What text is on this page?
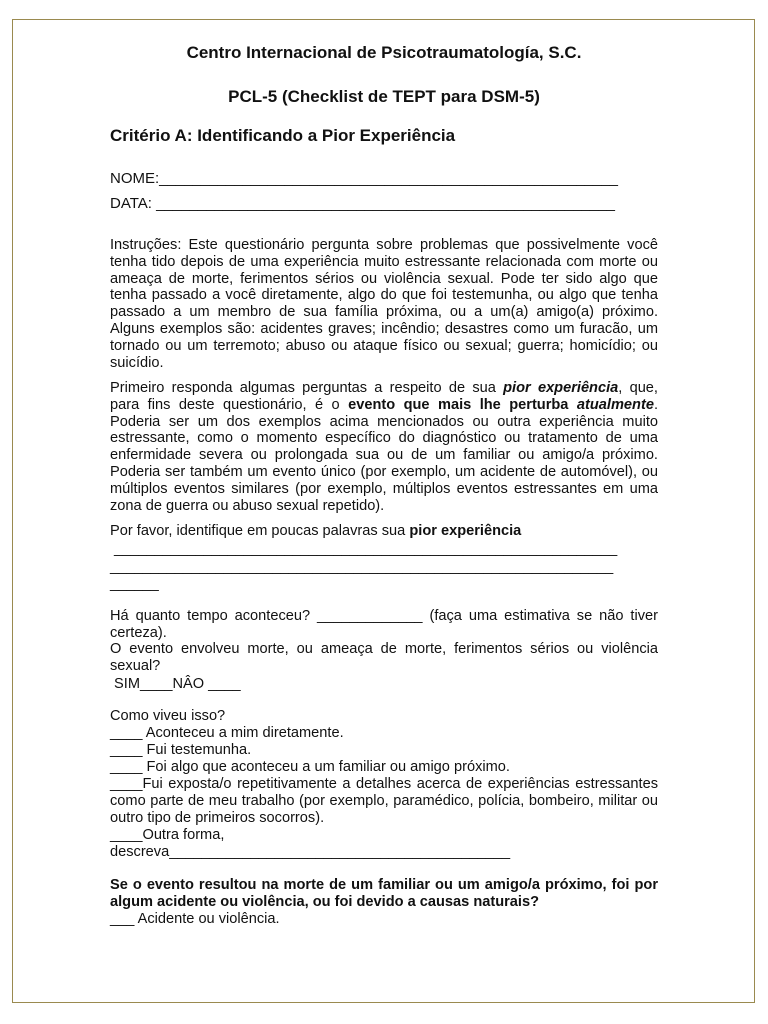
Centro Internacional de Psicotraumatología, S.C.
PCL-5 (Checklist de TEPT para DSM-5)
Critério A: Identificando a Pior Experiência
NOME:_______________________________________________________
DATA: _______________________________________________________
Instruções: Este questionário pergunta sobre problemas que possivelmente você tenha tido depois de uma experiência muito estressante relacionada com morte ou ameaça de morte, ferimentos sérios ou violência sexual. Pode ter sido algo que tenha passado a você diretamente, algo do que foi testemunha, ou algo que tenha passado a um membro de sua família próxima, ou a um(a) amigo(a) próximo. Alguns exemplos são: acidentes graves; incêndio; desastres como um furacão, um tornado ou um terremoto; abuso ou ataque físico ou sexual; guerra; homicídio; ou suicídio.
Primeiro responda algumas perguntas a respeito de sua pior experiência, que, para fins deste questionário, é o evento que mais lhe perturba atualmente. Poderia ser um dos exemplos acima mencionados ou outra experiência muito estressante, como o momento específico do diagnóstico ou tratamento de uma enfermidade severa ou prolongada sua ou de um familiar ou amigo/a próximo. Poderia ser também um evento único (por exemplo, um acidente de automóvel), ou múltiplos eventos similares (por exemplo, múltiplos eventos estressantes em uma zona de guerra ou abuso sexual repetido).
Por favor, identifique em poucas palavras sua pior experiência
______________________________________________________________
______________________________________________________________
______
Há quanto tempo aconteceu? _____________ (faça uma estimativa se não tiver certeza).
O evento envolveu morte, ou ameaça de morte, ferimentos sérios ou violência sexual?
SIM____NÂO ____
Como viveu isso?
____ Aconteceu a mim diretamente.
____ Fui testemunha.
____ Foi algo que aconteceu a um familiar ou amigo próximo.
____Fui exposta/o repetitivamente a detalhes acerca de experiências estressantes como parte de meu trabalho (por exemplo, paramédico, polícia, bombeiro, militar ou outro tipo de primeiros socorros).
____Outra forma,
descreva__________________________________________
Se o evento resultou na morte de um familiar ou um amigo/a próximo, foi por algum acidente ou violência, ou foi devido a causas naturais?
___ Acidente ou violência.
